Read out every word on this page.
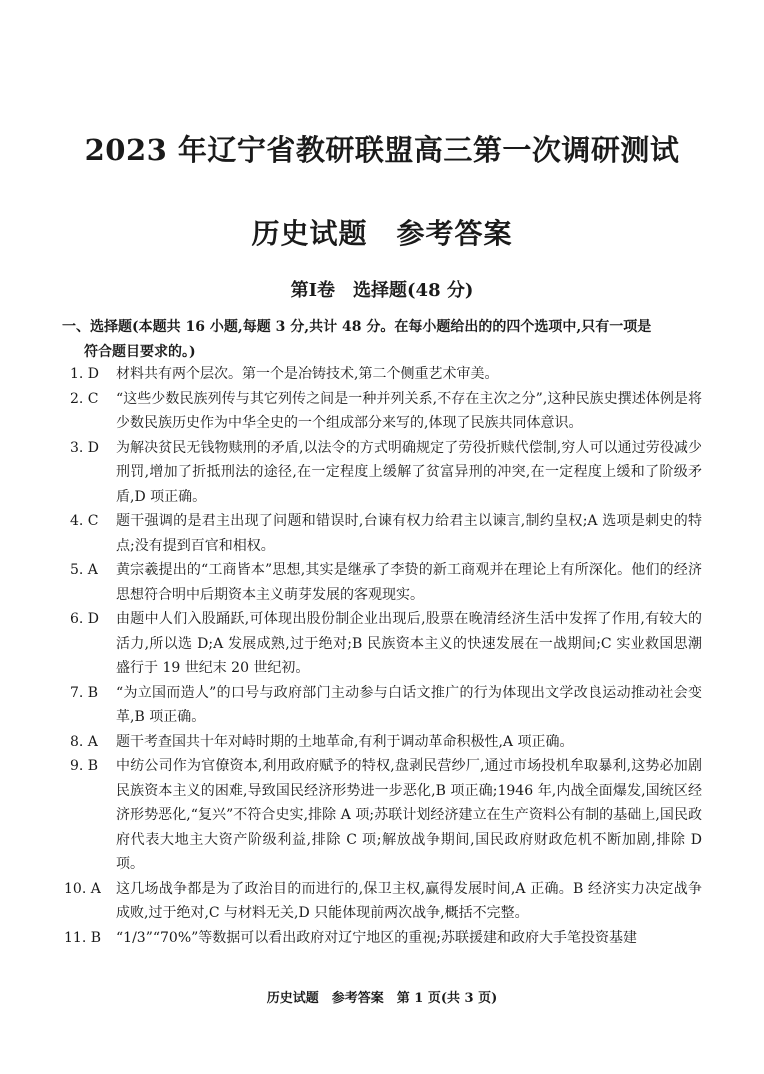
2023 年辽宁省教研联盟高三第一次调研测试
历史试题　参考答案
第Ⅰ卷　选择题(48 分)
一、选择题(本题共 16 小题,每题 3 分,共计 48 分。在每小题给出的的四个选项中,只有一项是
符合题目要求的。)
1. D	材料共有两个层次。第一个是冶铸技术,第二个侧重艺术审美。
2. C	“这些少数民族列传与其它列传之间是一种并列关系,不存在主次之分”,这种民族史撰述体例是将少数民族历史作为中华全史的一个组成部分来写的,体现了民族共同体意识。
3. D	为解决贫民无钱物赎刑的矛盾,以法令的方式明确规定了劳役折赎代偿制,穷人可以通过劳役减少刑罚,增加了折抵刑法的途径,在一定程度上缓解了贫富异刑的冲突,在一定程度上缓和了阶级矛盾,D 项正确。
4. C	题干强调的是君主出现了问题和错误时,台谏有权力给君主以谏言,制约皇权;A 选项是刺史的特点;没有提到百官和相权。
5. A	黄宗羲提出的“工商皆本”思想,其实是继承了李贽的新工商观并在理论上有所深化。他们的经济思想符合明中后期资本主义萌芽发展的客观现实。
6. D	由题中人们入股踊跃,可体现出股份制企业出现后,股票在晚清经济生活中发挥了作用,有较大的活力,所以选 D;A 发展成熟,过于绝对;B 民族资本主义的快速发展在一战期间;C 实业救国思潮盛行于 19 世纪末 20 世纪初。
7. B	“为立国而造人”的口号与政府部门主动参与白话文推广的行为体现出文学改良运动推动社会变革,B 项正确。
8. A	题干考查国共十年对峙时期的土地革命,有利于调动革命积极性,A 项正确。
9. B	中纺公司作为官僚资本,利用政府赋予的特权,盘剥民营纱厂,通过市场投机牟取暴利,这势必加剧民族资本主义的困难,导致国民经济形势进一步恶化,B 项正确;1946 年,内战全面爆发,国统区经济形势恶化,“复兴”不符合史实,排除 A 项;苏联计划经济建立在生产资料公有制的基础上,国民政府代表大地主大资产阶级利益,排除 C 项;解放战争期间,国民政府财政危机不断加剧,排除 D 项。
10. A	这几场战争都是为了政治目的而进行的,保卫主权,赢得发展时间,A 正确。B 经济实力决定战争成败,过于绝对,C 与材料无关,D 只能体现前两次战争,概括不完整。
11. B	“1/3”“70%”等数据可以看出政府对辽宁地区的重视;苏联援建和政府大手笔投资基建
历史试题　参考答案　第 1 页(共 3 页)
